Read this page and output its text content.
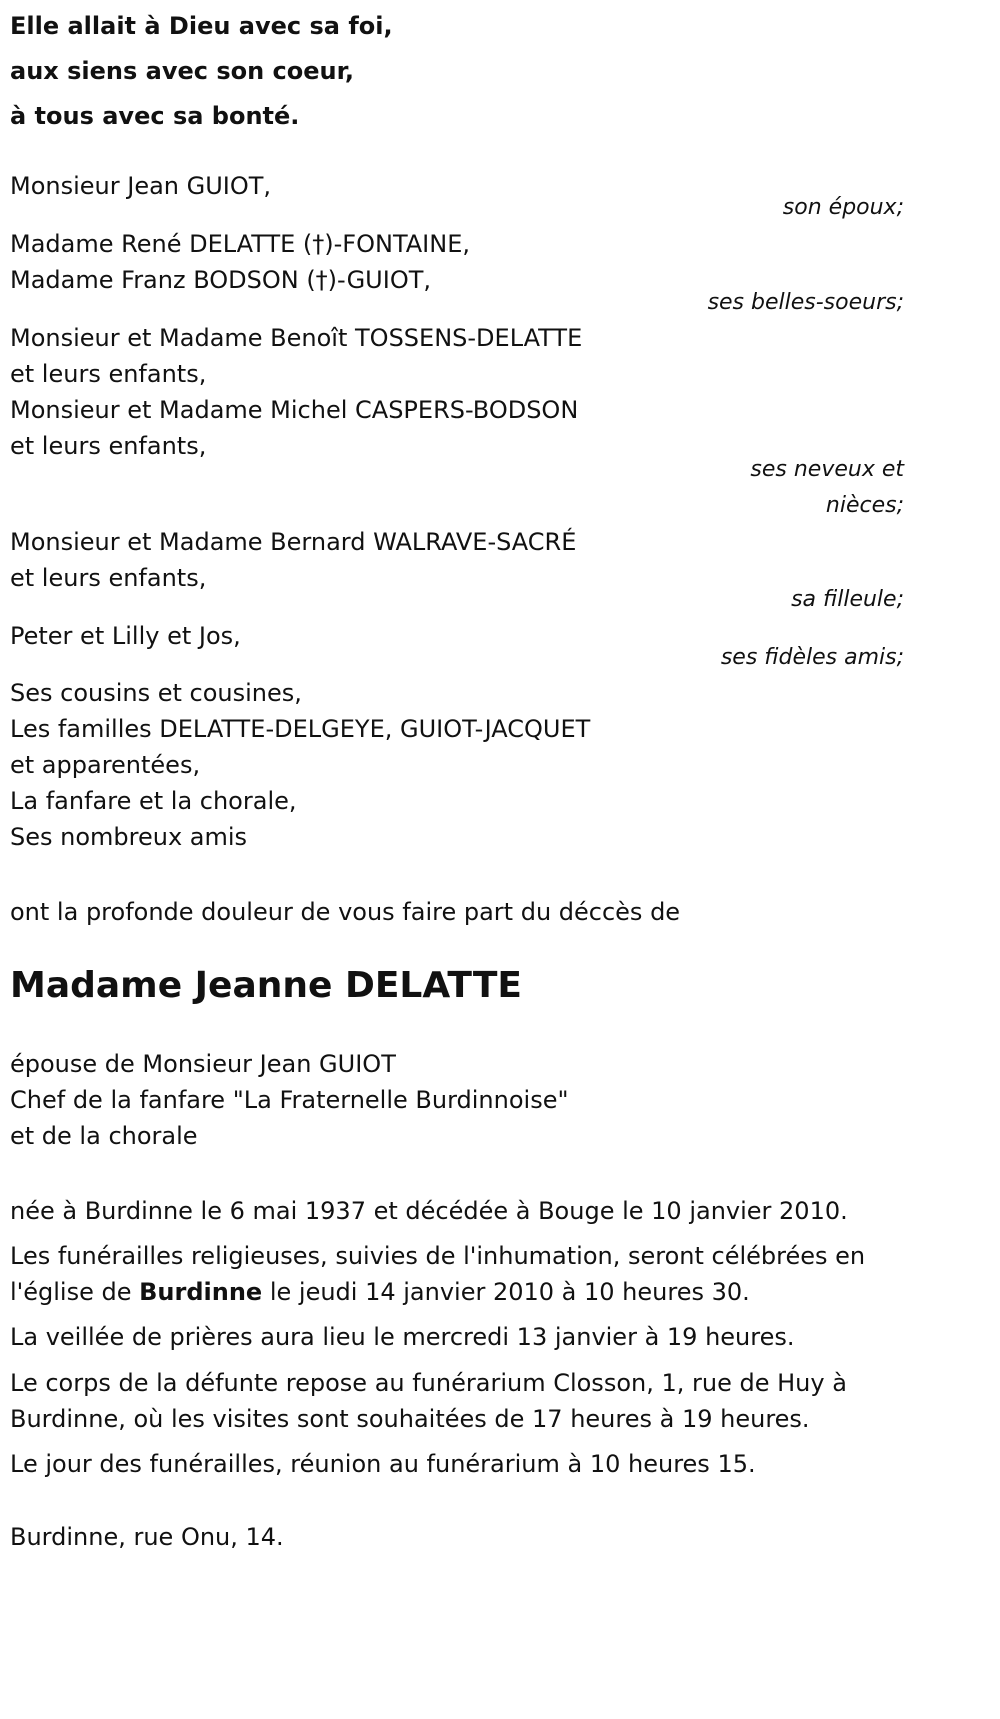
Elle allait à Dieu avec sa foi,
aux siens avec son coeur,
à tous avec sa bonté.
Monsieur Jean GUIOT,
son époux;
Madame René DELATTE (†)-FONTAINE,
Madame Franz BODSON (†)-GUIOT,
ses belles-soeurs;
Monsieur et Madame Benoît TOSSENS-DELATTE
et leurs enfants,
Monsieur et Madame Michel CASPERS-BODSON
et leurs enfants,
ses neveux et
nièces;
Monsieur et Madame Bernard WALRAVE-SACRÉ
et leurs enfants,
sa filleule;
Peter et Lilly et Jos,
ses fidèles amis;
Ses cousins et cousines,
Les familles DELATTE-DELGEYE, GUIOT-JACQUET
et apparentées,
La fanfare et la chorale,
Ses nombreux amis
ont la profonde douleur de vous faire part du déccès de
Madame Jeanne DELATTE
épouse de Monsieur Jean GUIOT
Chef de la fanfare "La Fraternelle Burdinnoise"
et de la chorale
née à Burdinne le 6 mai 1937 et décédée à Bouge le 10 janvier 2010.
Les funérailles religieuses, suivies de l'inhumation, seront célébrées en l'église de Burdinne le jeudi 14 janvier 2010 à 10 heures 30.
La veillée de prières aura lieu le mercredi 13 janvier à 19 heures.
Le corps de la défunte repose au funérarium Closson, 1, rue de Huy à Burdinne, où les visites sont souhaitées de 17 heures à 19 heures.
Le jour des funérailles, réunion au funérarium à 10 heures 15.
Burdinne, rue Onu, 14.
